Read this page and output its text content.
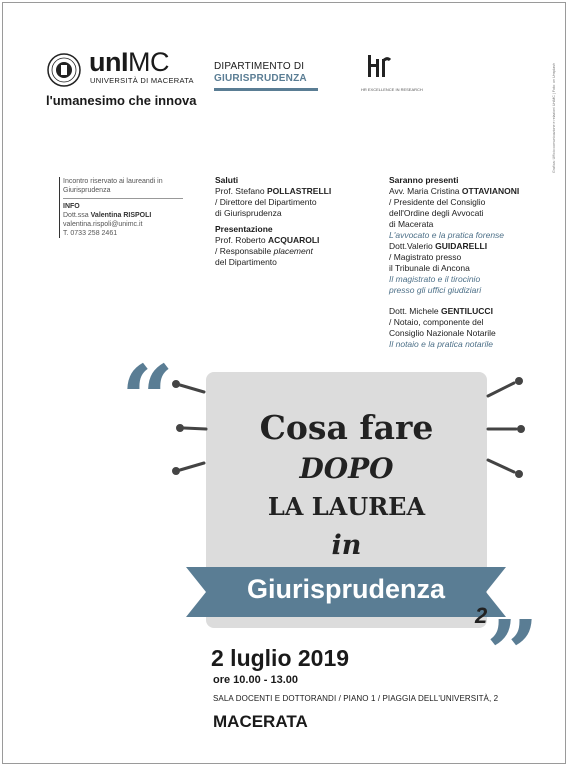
unIMC
UNIVERSITÀ DI MACERATA
l'umanesimo che innova
DIPARTIMENTO DI
GIURISPRUDENZA
HR EXCELLENCE IN RESEARCH	Grafica: Ufficio comunicazione e relazioni UniMC | Foto: on Unsplash
Incontro riservato ai laureandi in Giurisprudenza
INFO
Dott.ssa Valentina RISPOLI
valentina.rispoli@unimc.it
T. 0733 258 2461
Saluti
Prof. Stefano POLLASTRELLI
/ Direttore del Dipartimento
di Giurisprudenza
Presentazione
Prof. Roberto ACQUAROLI
/ Responsabile placement
del Dipartimento
Saranno presenti
Avv. Maria Cristina OTTAVIANONI
/ Presidente del Consiglio
dell'Ordine degli Avvocati
di Macerata
L'avvocato e la pratica forense
Dott.Valerio GUIDARELLI
/ Magistrato presso
il Tribunale di Ancona
Il magistrato e il tirocinio
presso gli uffici giudiziari
Dott. Michele GENTILUCCI
/ Notaio, componente del
Consiglio Nazionale Notarile
Il notaio e la pratica notarile
“	Cosa fare
DOPO
LA LAUREA
in
Giurisprudenza
2
”
2 luglio 2019
ore 10.00 - 13.00
SALA DOCENTI E DOTTORANDI / PIANO 1 / PIAGGIA DELL'UNIVERSITÀ, 2
MACERATA
